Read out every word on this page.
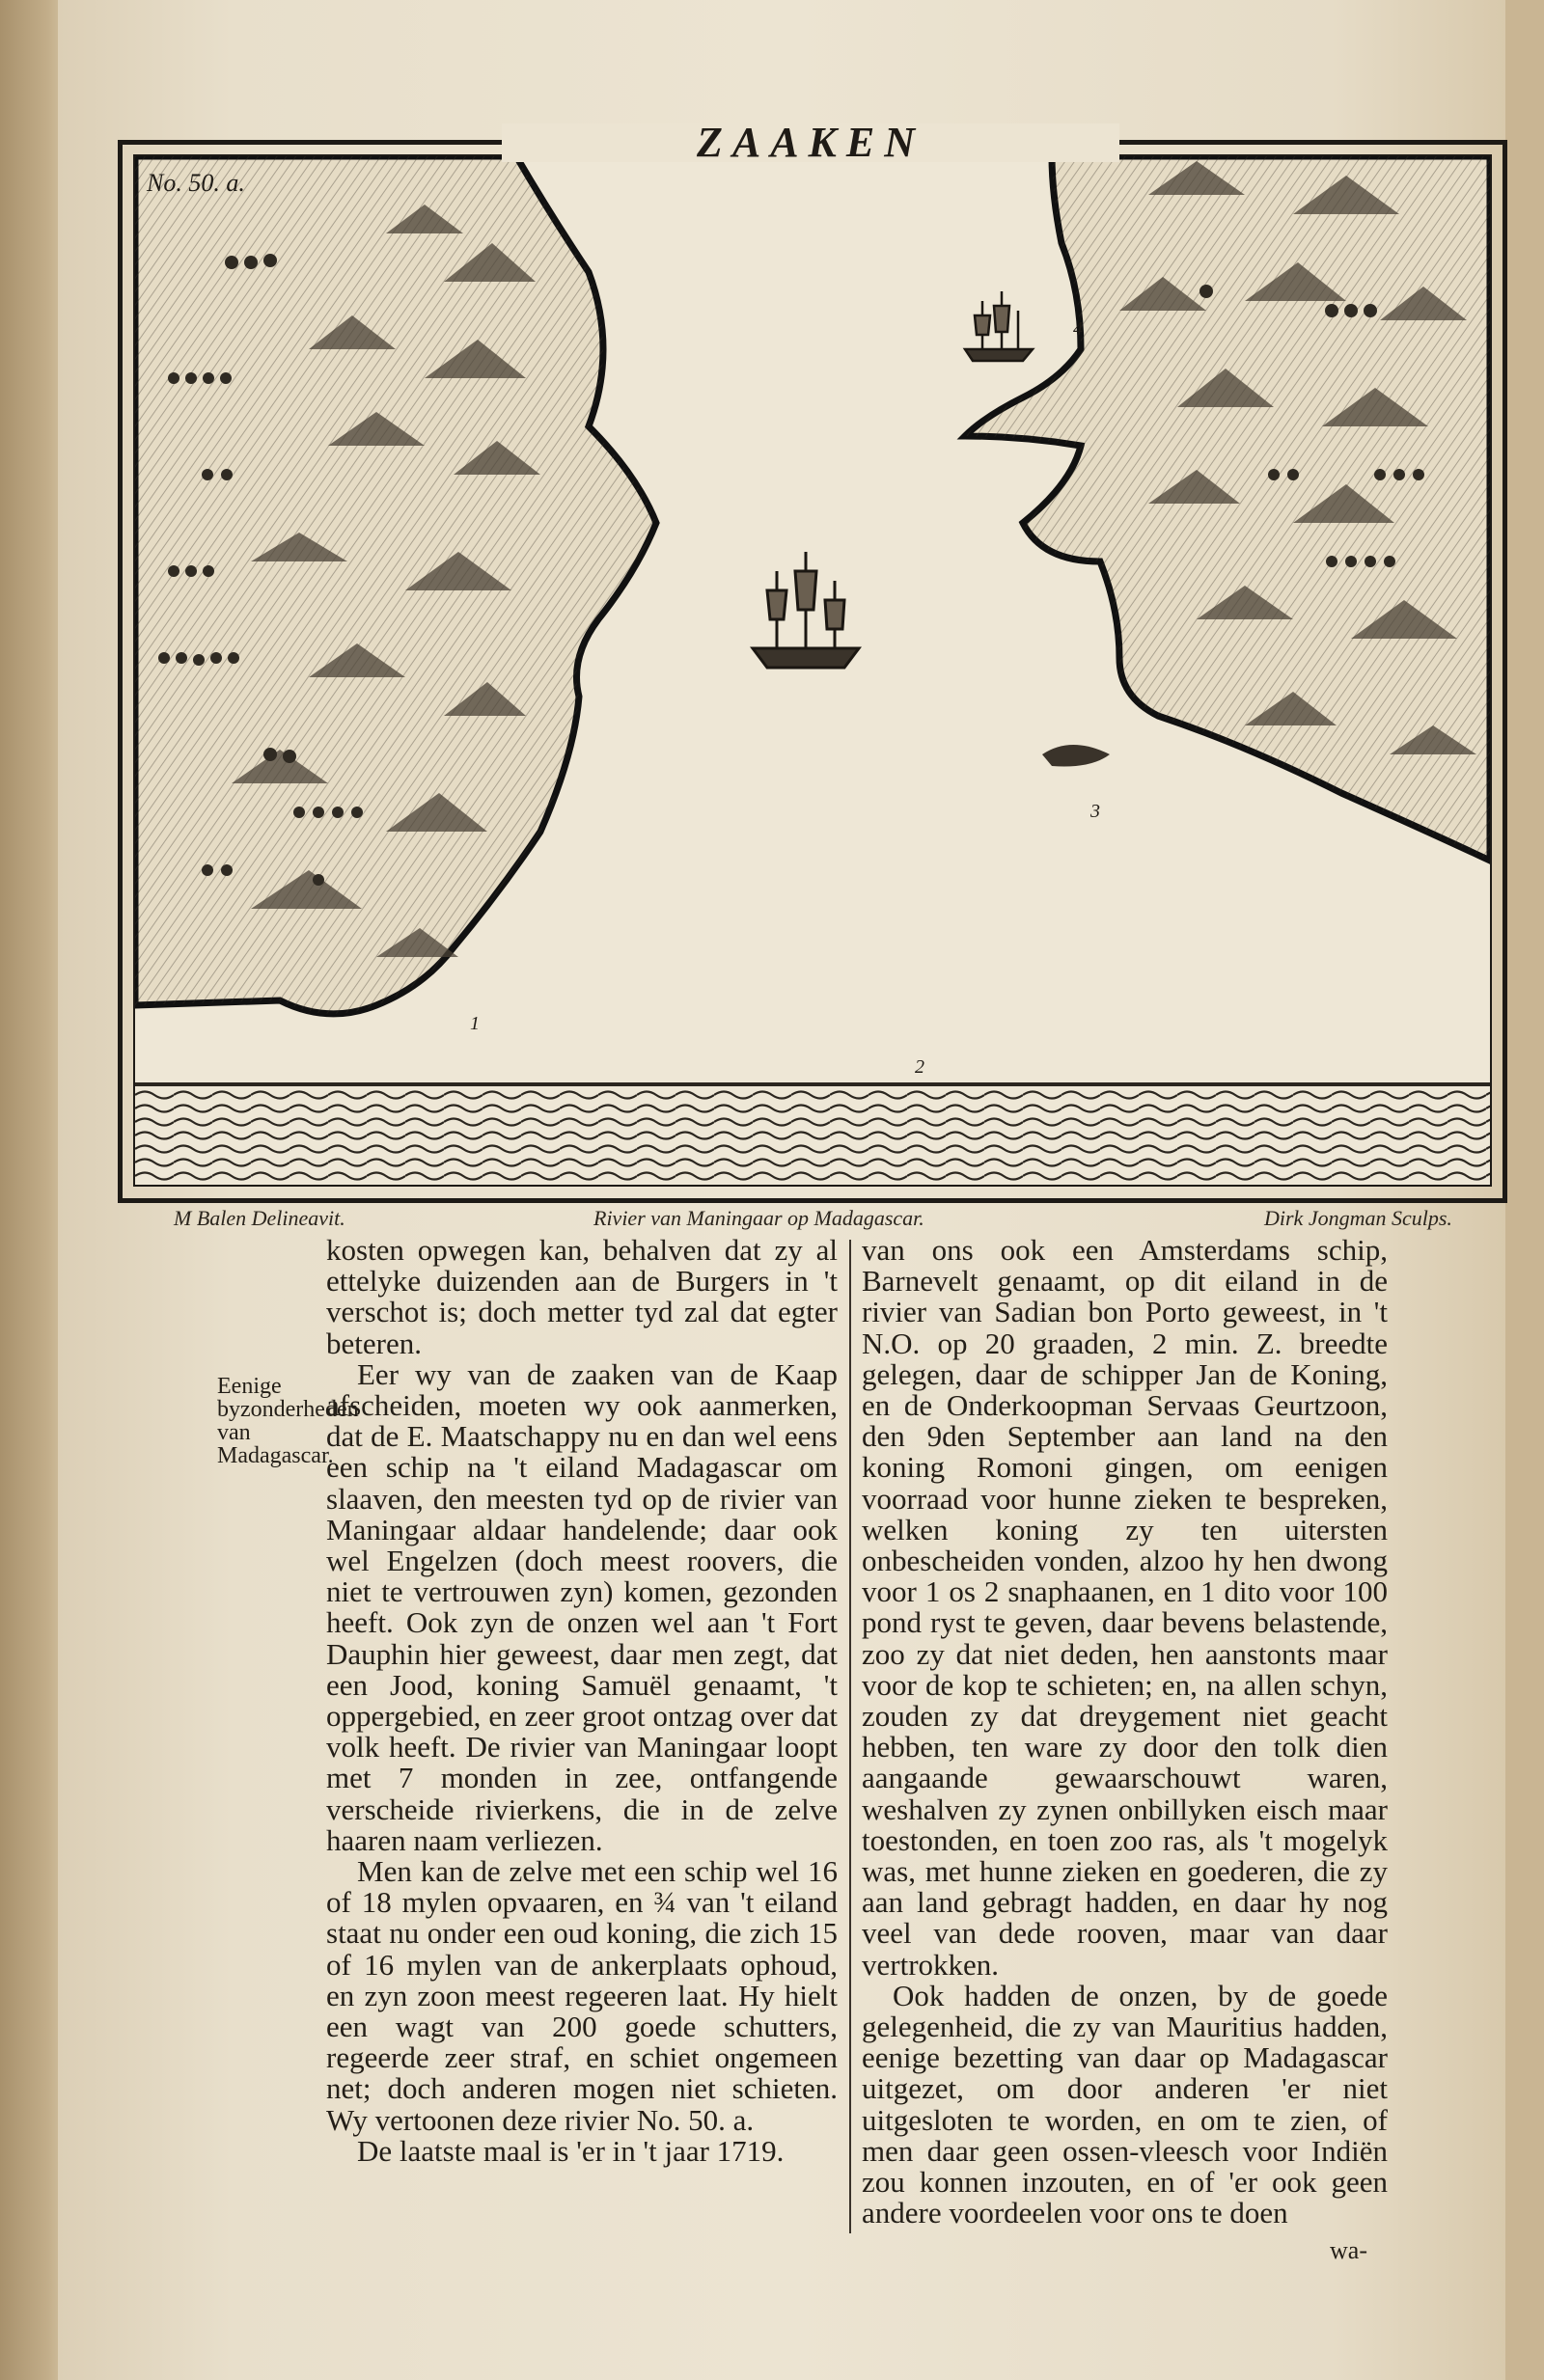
ZAAKEN
No. 50. a.
1
2
3
4
M Balen Delineavit.	Rivier van Maningaar op Madagascar.	Dirk Jongman Sculps.
Eenige byzonderheden van Madagascar.

kosten opwegen kan, behalven dat zy al ettelyke duizenden aan de Burgers in 't verschot is; doch metter tyd zal dat egter beteren.

Eer wy van de zaaken van de Kaap afscheiden, moeten wy ook aanmerken, dat de E. Maatschappy nu en dan wel eens een schip na 't eiland Madagascar om slaaven, den meesten tyd op de rivier van Maningaar aldaar handelende; daar ook wel Engelzen (doch meest roovers, die niet te vertrouwen zyn) komen, gezonden heeft. Ook zyn de onzen wel aan 't Fort Dauphin hier geweest, daar men zegt, dat een Jood, koning Samuël genaamt, 't oppergebied, en zeer groot ontzag over dat volk heeft. De rivier van Maningaar loopt met 7 monden in zee, ontfangende verscheide rivierkens, die in de zelve haaren naam verliezen.

Men kan de zelve met een schip wel 16 of 18 mylen opvaaren, en ¾ van 't eiland staat nu onder een oud koning, die zich 15 of 16 mylen van de ankerplaats ophoud, en zyn zoon meest regeeren laat. Hy hielt een wagt van 200 goede schutters, regeerde zeer straf, en schiet ongemeen net; doch anderen mogen niet schieten. Wy vertoonen deze rivier No. 50. a.

De laatste maal is 'er in 't jaar 1719.

van ons ook een Amsterdams schip, Barnevelt genaamt, op dit eiland in de rivier van Sadian bon Porto geweest, in 't N.O. op 20 graaden, 2 min. Z. breedte gelegen, daar de schipper Jan de Koning, en de Onderkoopman Servaas Geurtzoon, den 9den September aan land na den koning Romoni gingen, om eenigen voorraad voor hunne zieken te bespreken, welken koning zy ten uitersten onbescheiden vonden, alzoo hy hen dwong voor 1 os 2 snaphaanen, en 1 dito voor 100 pond ryst te geven, daar bevens belastende, zoo zy dat niet deden, hen aanstonts maar voor de kop te schieten; en, na allen schyn, zouden zy dat dreygement niet geacht hebben, ten ware zy door den tolk dien aangaande gewaarschouwt waren, weshalven zy zynen onbillyken eisch maar toestonden, en toen zoo ras, als 't mogelyk was, met hunne zieken en goederen, die zy aan land gebragt hadden, en daar hy nog veel van dede rooven, maar van daar vertrokken.

Ook hadden de onzen, by de goede gelegenheid, die zy van Mauritius hadden, eenige bezetting van daar op Madagascar uitgezet, om door anderen 'er niet uitgesloten te worden, en om te zien, of men daar geen ossen-vleesch voor Indiën zou konnen inzouten, en of 'er ook geen andere voordeelen voor ons te doen

wa-
